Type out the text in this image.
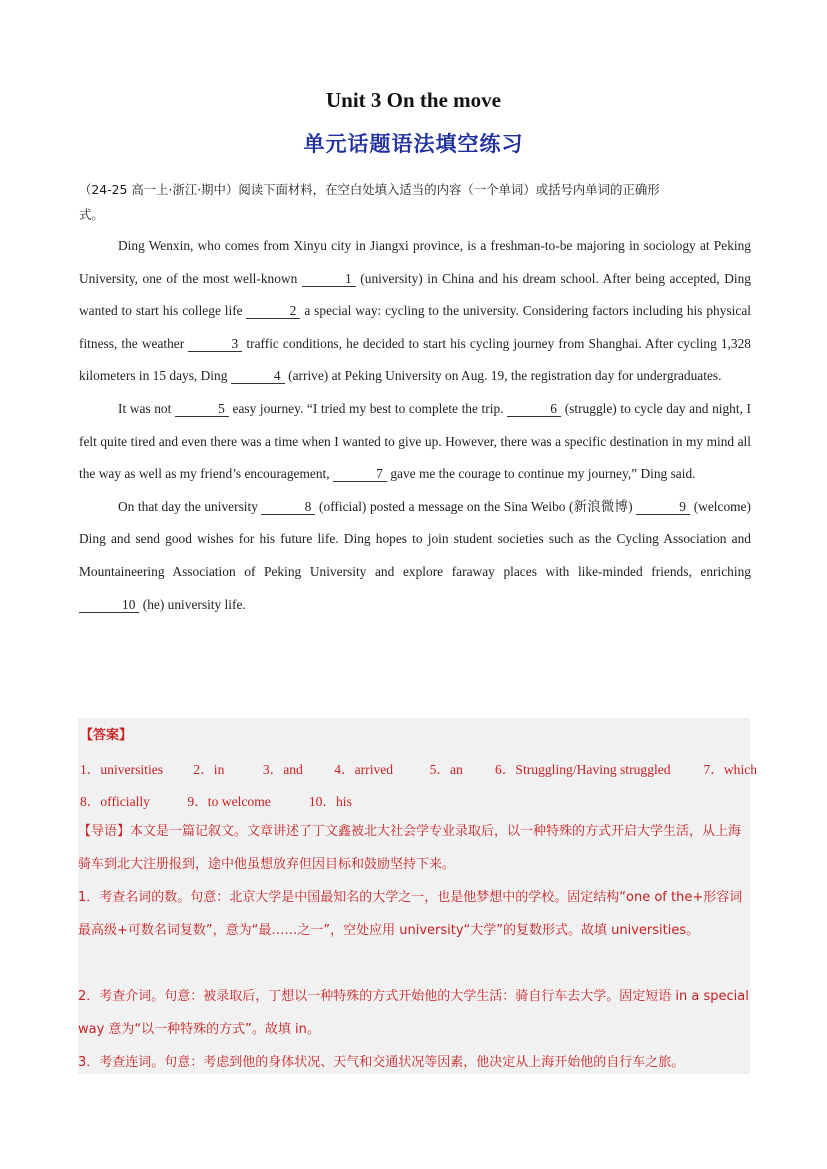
Unit 3 On the move
单元话题语法填空练习
（24-25 高一上·浙江·期中）阅读下面材料，在空白处填入适当的内容（一个单词）或括号内单词的正确形
式。

Ding Wenxin, who comes from Xinyu city in Jiangxi province, is a freshman-to-be majoring in sociology at Peking University, one of the most well-known	1 (university) in China and his dream school. After being accepted, Ding wanted to start his college life	2 a special way: cycling to the university. Considering factors including his physical fitness, the weather	3 traffic conditions, he decided to start his cycling journey from Shanghai. After cycling 1,328 kilometers in 15 days, Ding	4 (arrive) at Peking University on Aug. 19, the registration day for undergraduates.

It was not	5 easy journey. “I tried my best to complete the trip.	6 (struggle) to cycle day and night, I felt quite tired and even there was a time when I wanted to give up. However, there was a specific destination in my mind all the way as well as my friend’s encouragement,	7 gave me the courage to continue my journey,” Ding said.

On that day the university	8 (official) posted a message on the Sina Weibo (新浪微博)	9 (welcome) Ding and send good wishes for his future life. Ding hopes to join student societies such as the Cycling Association and Mountaineering Association of Peking University and explore faraway places with like-minded friends, enriching 10 (he) university life.

【答案】
1．universities 2．in	3．and 4．arrived	5．an 6．Struggling/Having struggled 7．which
8．officially	9．to welcome	10．his
【导语】本文是一篇记叙文。文章讲述了丁文鑫被北大社会学专业录取后，以一种特殊的方式开启大学生活，从上海骑车到北大注册报到，途中他虽想放弃但因目标和鼓励坚持下来。
1．考查名词的数。句意：北京大学是中国最知名的大学之一，也是他梦想中的学校。固定结构“one of the+形容词最高级+可数名词复数”，意为“最……之一”，空处应用 university“大学”的复数形式。故填 universities。
2．考查介词。句意：被录取后，丁想以一种特殊的方式开始他的大学生活：骑自行车去大学。固定短语 in a special way 意为“以一种特殊的方式”。故填 in。
3．考查连词。句意：考虑到他的身体状况、天气和交通状况等因素，他决定从上海开始他的自行车之旅。
